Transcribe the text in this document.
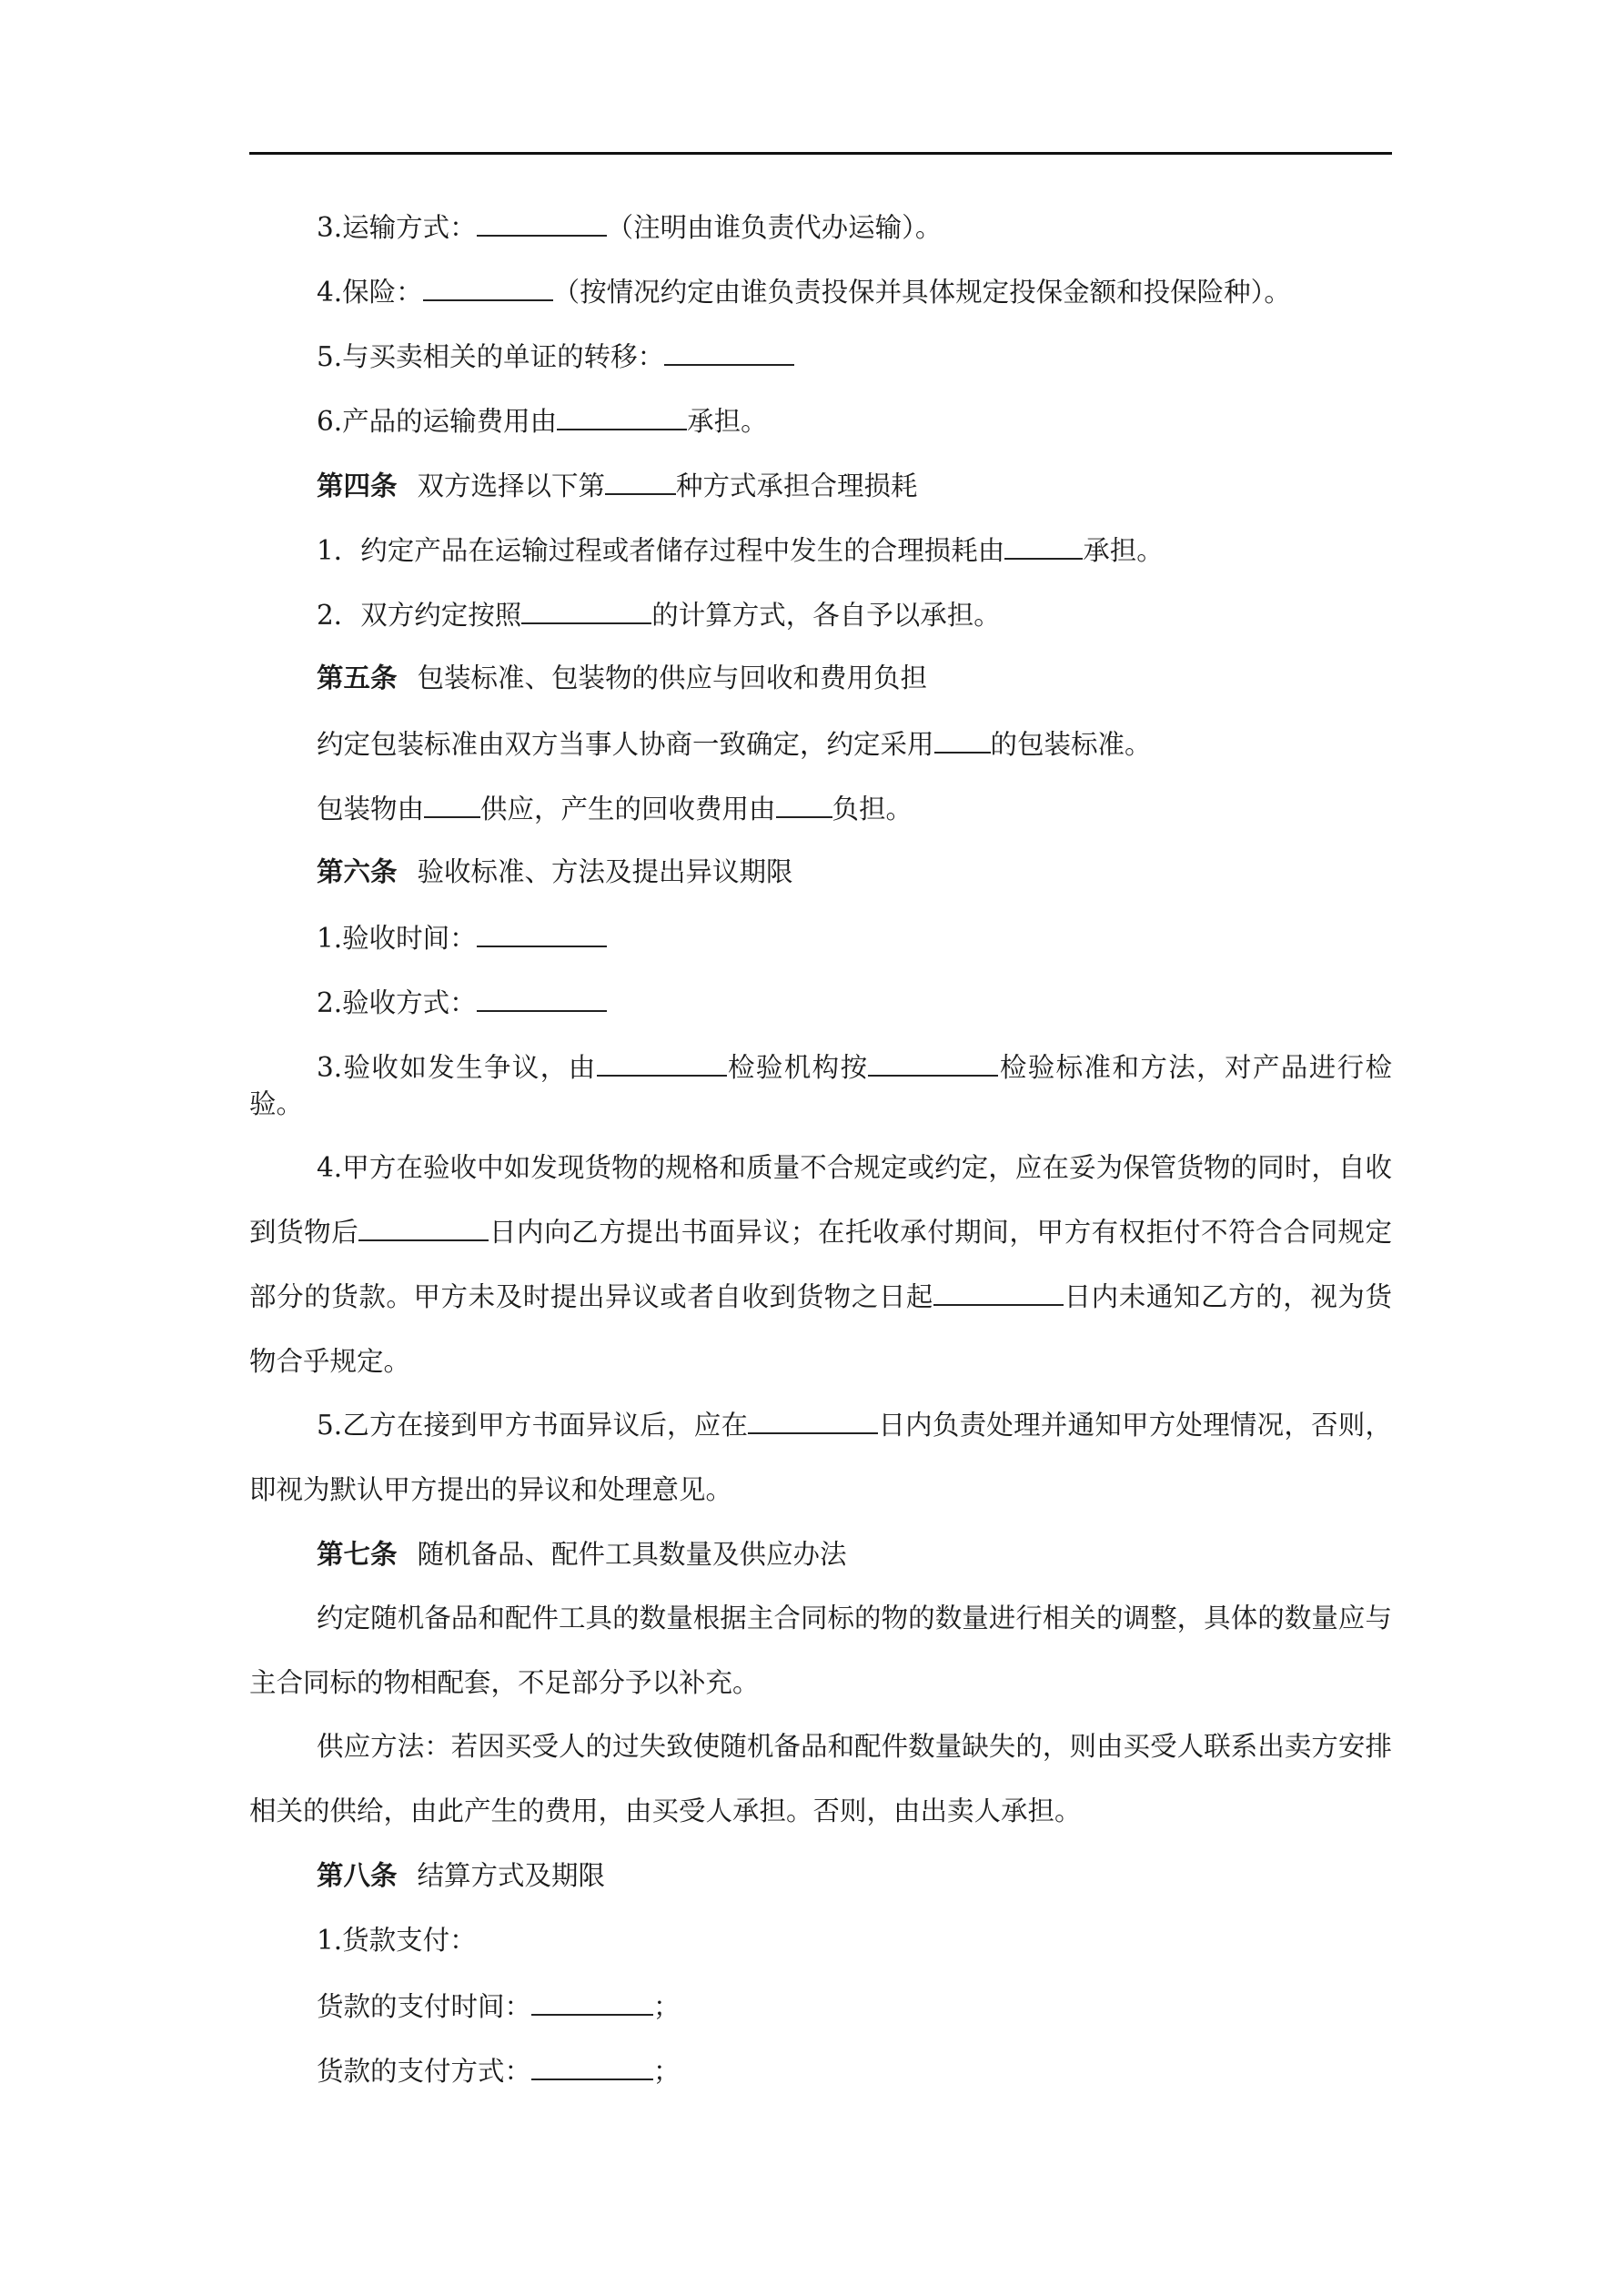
3.运输方式：	（注明由谁负责代办运输）。

4.保险：	（按情况约定由谁负责投保并具体规定投保金额和投保险种）。

5.与买卖相关的单证的转移：

6.产品的运输费用由	承担。

第四条 双方选择以下第	种方式承担合理损耗

1．约定产品在运输过程或者储存过程中发生的合理损耗由	承担。

2．双方约定按照	的计算方式，各自予以承担。

第五条 包装标准、包装物的供应与回收和费用负担

约定包装标准由双方当事人协商一致确定，约定采用 的包装标准。

包装物由 供应，产生的回收费用由 负担。

第六条 验收标准、方法及提出异议期限

1.验收时间：

2.验收方式：

3.验收如发生争议，由	检验机构按	检验标准和方法，对产品进行检验。

4.甲方在验收中如发现货物的规格和质量不合规定或约定，应在妥为保管货物的同时，自收到货物后	日内向乙方提出书面异议；在托收承付期间，甲方有权拒付不符合合同规定部分的货款。甲方未及时提出异议或者自收到货物之日起	日内未通知乙方的，视为货物合乎规定。

5.乙方在接到甲方书面异议后，应在	日内负责处理并通知甲方处理情况，否则，即视为默认甲方提出的异议和处理意见。

第七条 随机备品、配件工具数量及供应办法

约定随机备品和配件工具的数量根据主合同标的物的数量进行相关的调整，具体的数量应与主合同标的物相配套，不足部分予以补充。

供应方法：若因买受人的过失致使随机备品和配件数量缺失的，则由买受人联系出卖方安排相关的供给，由此产生的费用，由买受人承担。否则，由出卖人承担。

第八条 结算方式及期限

1.货款支付：

货款的支付时间：	；

货款的支付方式：	；
